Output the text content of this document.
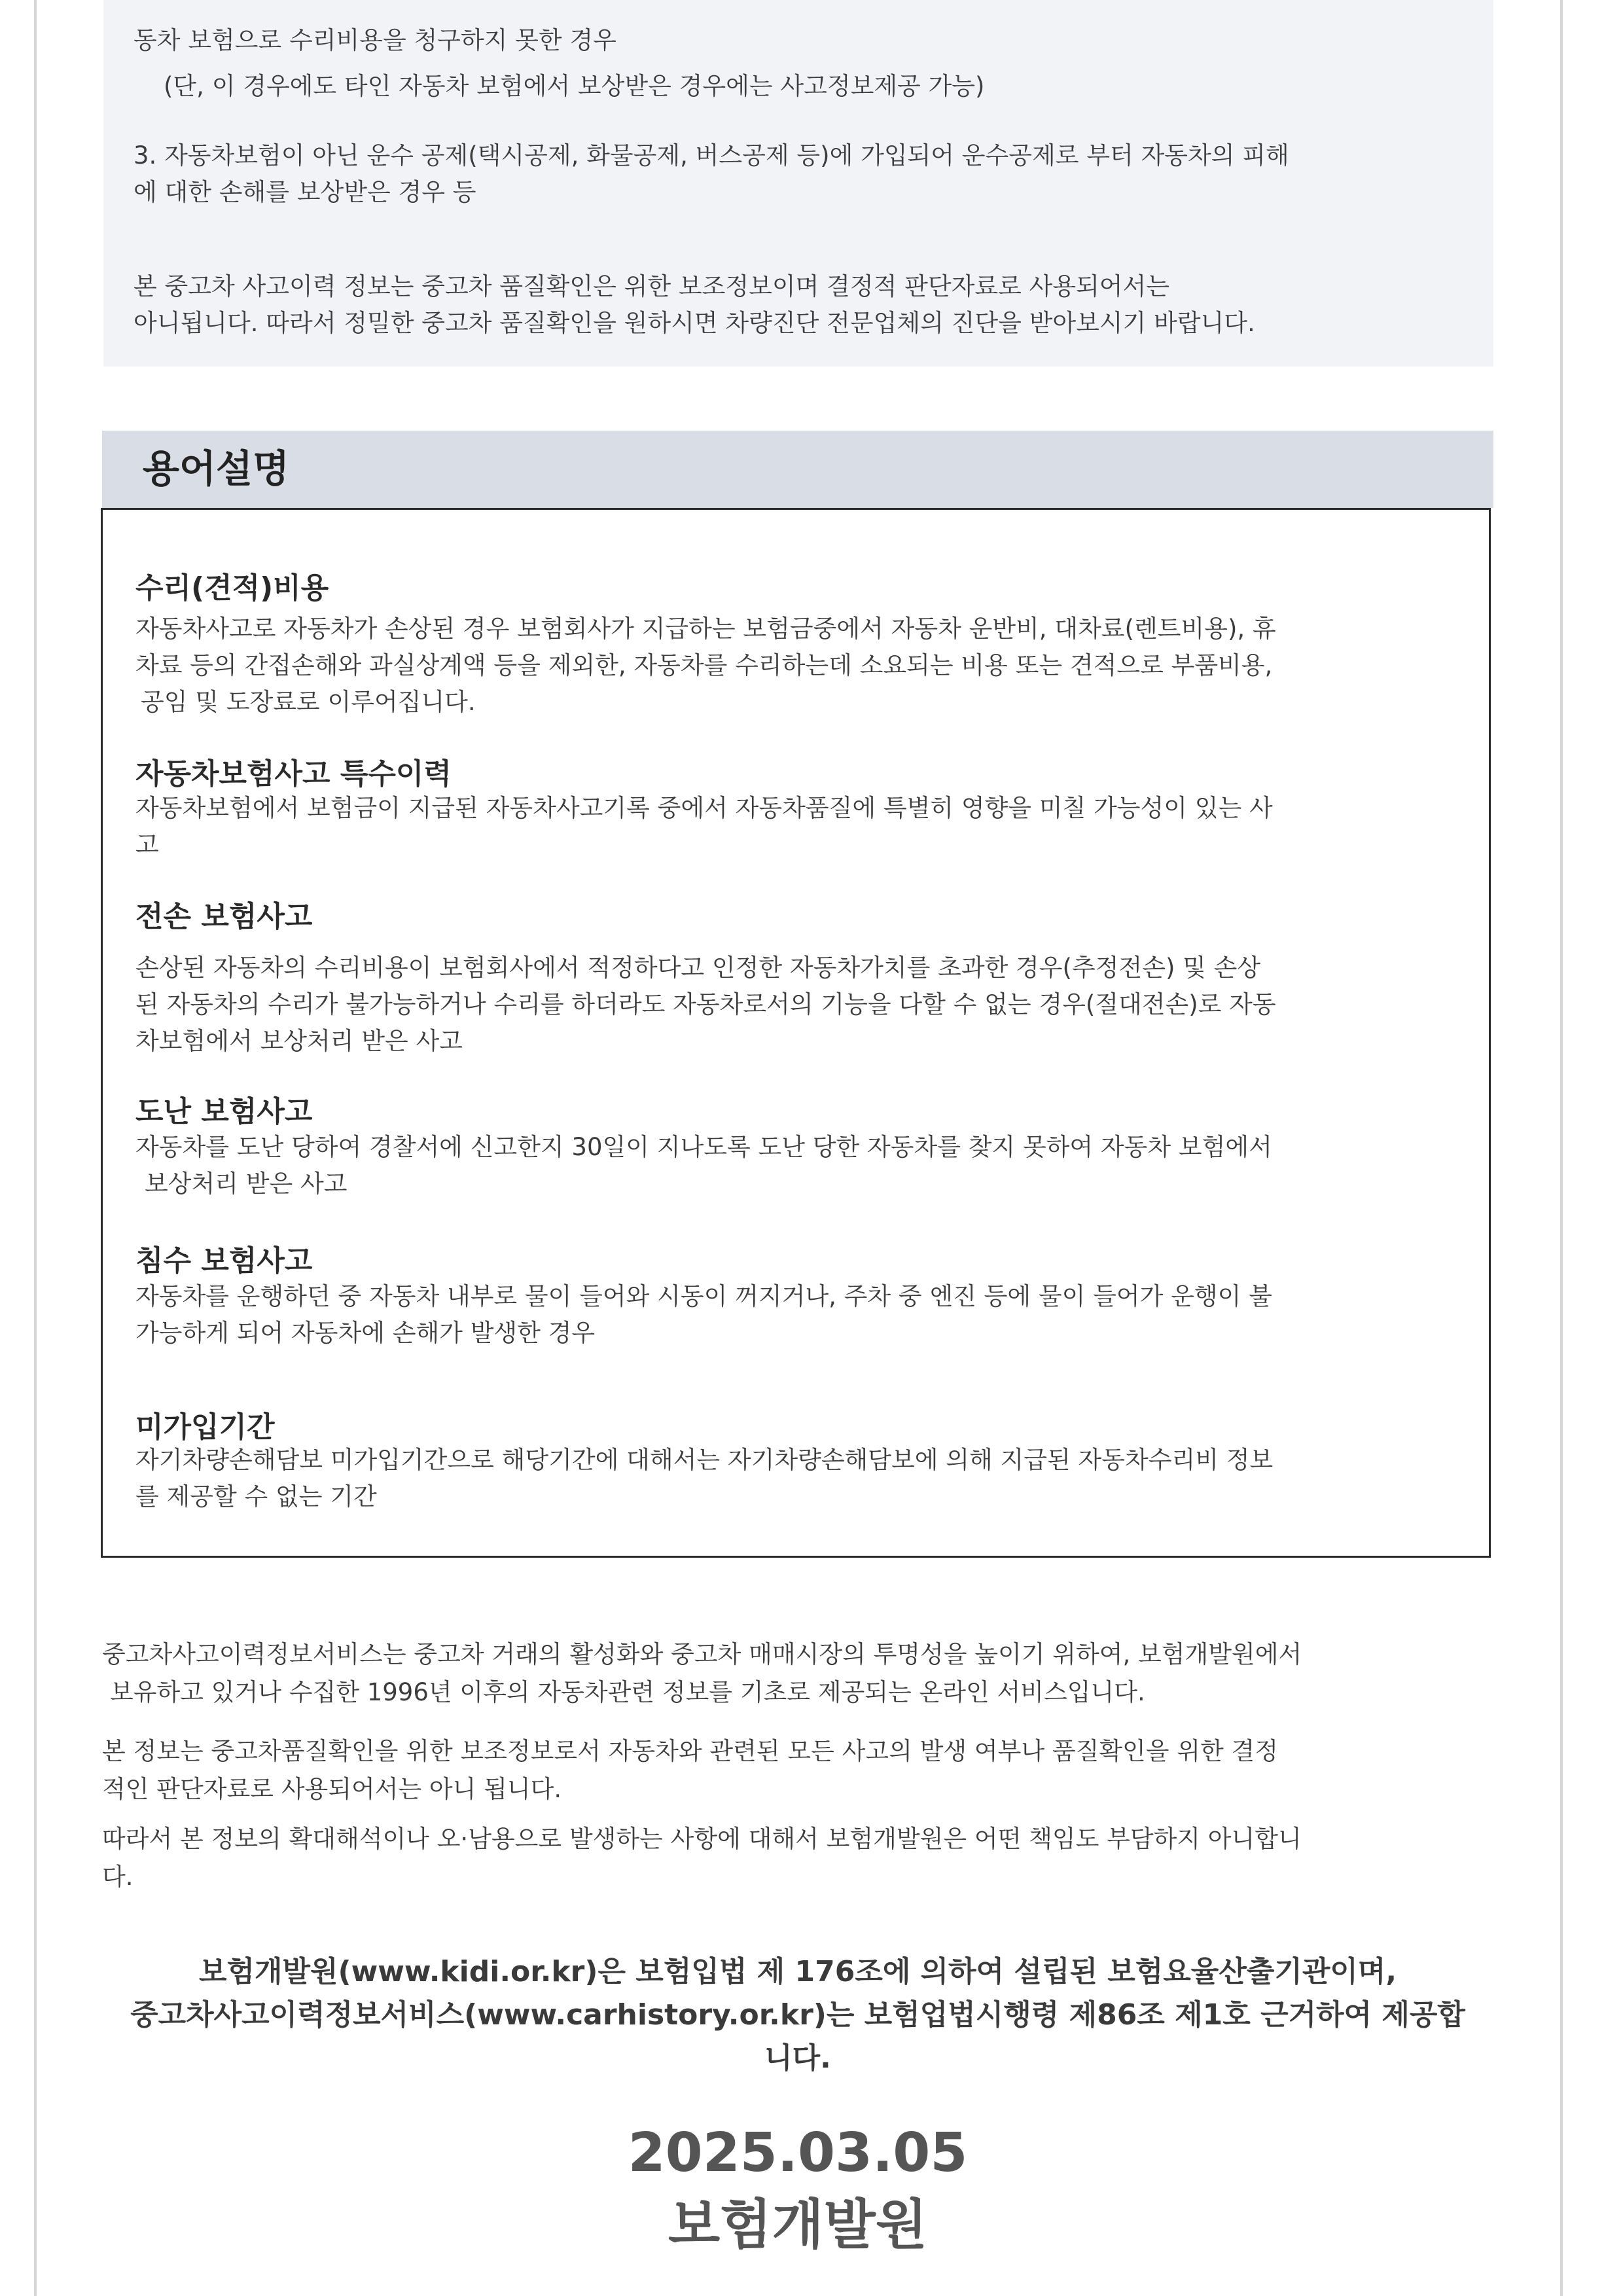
동차 보험으로 수리비용을 청구하지 못한 경우
(단, 이 경우에도 타인 자동차 보험에서 보상받은 경우에는 사고정보제공 가능)
3. 자동차보험이 아닌 운수 공제(택시공제, 화물공제, 버스공제 등)에 가입되어 운수공제로 부터 자동차의 피해
에 대한 손해를 보상받은 경우 등
본 중고차 사고이력 정보는 중고차 품질확인은 위한 보조정보이며 결정적 판단자료로 사용되어서는
아니됩니다. 따라서 정밀한 중고차 품질확인을 원하시면 차량진단 전문업체의 진단을 받아보시기 바랍니다.
용어설명
수리(견적)비용
자동차사고로 자동차가 손상된 경우 보험회사가 지급하는 보험금중에서 자동차 운반비, 대차료(렌트비용), 휴
차료 등의 간접손해와 과실상계액 등을 제외한, 자동차를 수리하는데 소요되는 비용 또는 견적으로 부품비용,
공임 및 도장료로 이루어집니다.
자동차보험사고 특수이력
자동차보험에서 보험금이 지급된 자동차사고기록 중에서 자동차품질에 특별히 영향을 미칠 가능성이 있는 사
고
전손 보험사고
손상된 자동차의 수리비용이 보험회사에서 적정하다고 인정한 자동차가치를 초과한 경우(추정전손) 및 손상
된 자동차의 수리가 불가능하거나 수리를 하더라도 자동차로서의 기능을 다할 수 없는 경우(절대전손)로 자동
차보험에서 보상처리 받은 사고
도난 보험사고
자동차를 도난 당하여 경찰서에 신고한지 30일이 지나도록 도난 당한 자동차를 찾지 못하여 자동차 보험에서
보상처리 받은 사고
침수 보험사고
자동차를 운행하던 중 자동차 내부로 물이 들어와 시동이 꺼지거나, 주차 중 엔진 등에 물이 들어가 운행이 불
가능하게 되어 자동차에 손해가 발생한 경우
미가입기간
자기차량손해담보 미가입기간으로 해당기간에 대해서는 자기차량손해담보에 의해 지급된 자동차수리비 정보
를 제공할 수 없는 기간
중고차사고이력정보서비스는 중고차 거래의 활성화와 중고차 매매시장의 투명성을 높이기 위하여, 보험개발원에서
보유하고 있거나 수집한 1996년 이후의 자동차관련 정보를 기초로 제공되는 온라인 서비스입니다.
본 정보는 중고차품질확인을 위한 보조정보로서 자동차와 관련된 모든 사고의 발생 여부나 품질확인을 위한 결정
적인 판단자료로 사용되어서는 아니 됩니다.
따라서 본 정보의 확대해석이나 오·남용으로 발생하는 사항에 대해서 보험개발원은 어떤 책임도 부담하지 아니합니
다.
보험개발원(www.kidi.or.kr)은 보험입법 제 176조에 의하여 설립된 보험요율산출기관이며,
중고차사고이력정보서비스(www.carhistory.or.kr)는 보험업법시행령 제86조 제1호 근거하여 제공합
니다.
2025.03.05
보험개발원
